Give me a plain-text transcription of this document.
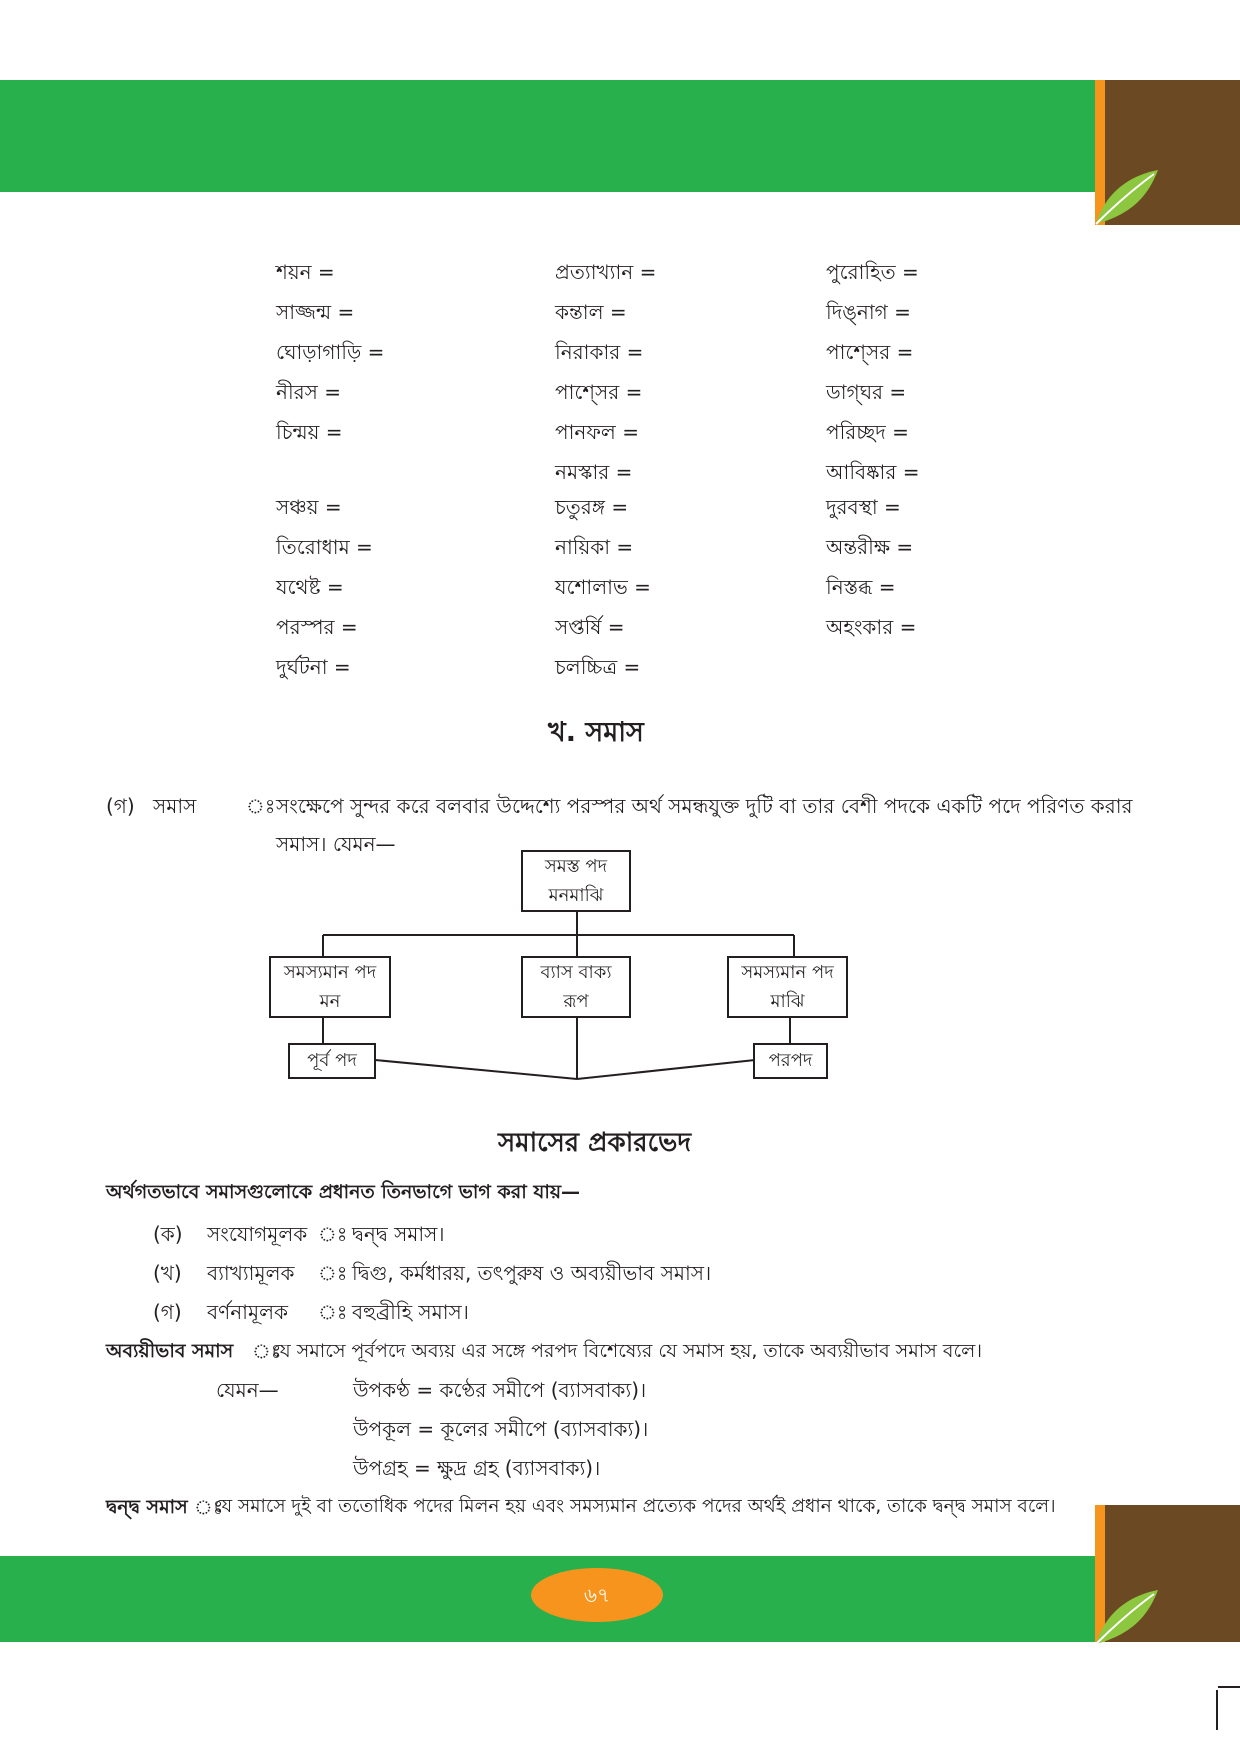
শয়ন =
সাজ্জন্ম =
ঘোড়াগাড়ি =
নীরস =
চিন্ময় =
সঞ্চয় =
তিরোধাম =
যথেষ্ট =
পরস্পর =
দুর্ঘটনা =
প্রত্যাখ্যান =
কন্তাল =
নিরাকার =
পাশ্সের =
পানফল =
নমস্কার =
চতুরঙ্গ =
নায়িকা =
যশোলাভ =
সপ্তর্ষি =
চলচ্চিত্র =
পুরোহিত =
দিঙ্নাগ =
পাশ্সের =
ডাগ্ঘর =
পরিচ্ছদ =
আবিষ্কার =
দুরবস্থা =
অন্তরীক্ষ =
নিস্তব্ধ =
অহংকার =
খ. সমাস
(গ) সমাস ঃ সংক্ষেপে সুন্দর করে বলবার উদ্দেশ্যে পরস্পর অর্থ সমন্ধযুক্ত দুটি বা তার বেশী পদকে একটি পদে পরিণত করার
সমাস। যেমন—
সমস্ত পদ
মনমাঝি
সমস্যমান পদ
মন
ব্যাস বাক্য
রূপ
সমস্যমান পদ
মাঝি
পূর্ব পদ	পরপদ
সমাসের প্রকারভেদ
অর্থগতভাবে সমাসগুলোকে প্রধানত তিনভাগে ভাগ করা যায়—
(ক) সংযোগমূলক ঃ দ্বন্দ্ব সমাস।
(খ) ব্যাখ্যামূলক ঃ দ্বিগু, কর্মধারয়, তৎপুরুষ ও অব্যয়ীভাব সমাস।
(গ) বর্ণনামূলক ঃ বহুব্রীহি সমাস।
অব্যয়ীভাব সমাস ঃ
যে সমাসে পূর্বপদে অব্যয় এর সঙ্গে পরপদ বিশেষ্যের যে সমাস হয়, তাকে অব্যয়ীভাব সমাস বলে।
যেমন—	উপকণ্ঠ = কণ্ঠের সমীপে (ব্যাসবাক্য)।
উপকূল = কূলের সমীপে (ব্যাসবাক্য)।
উপগ্রহ = ক্ষুদ্র গ্রহ (ব্যাসবাক্য)।
দ্বন্দ্ব সমাস ঃ
যে সমাসে দুই বা ততোধিক পদের মিলন হয় এবং সমস্যমান প্রত্যেক পদের অর্থই প্রধান থাকে, তাকে দ্বন্দ্ব সমাস বলে।
৬৭
